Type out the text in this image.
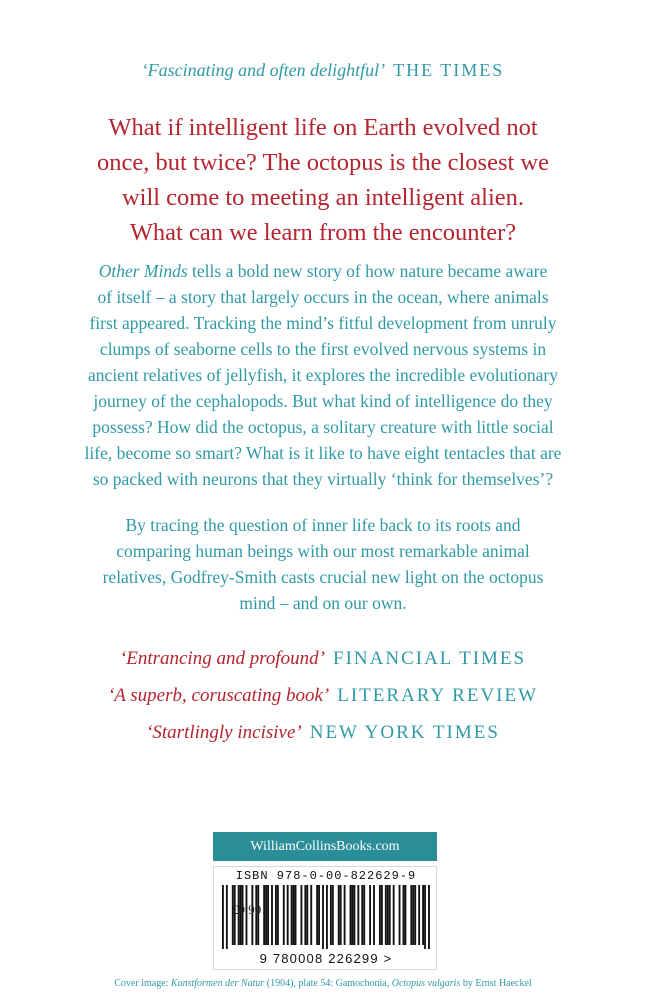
‘Fascinating and often delightful’ THE TIMES
What if intelligent life on Earth evolved not
once, but twice? The octopus is the closest we
will come to meeting an intelligent alien.
What can we learn from the encounter?
Other Minds tells a bold new story of how nature became aware
of itself – a story that largely occurs in the ocean, where animals
first appeared. Tracking the mind’s fitful development from unruly
clumps of seaborne cells to the first evolved nervous systems in
ancient relatives of jellyfish, it explores the incredible evolutionary
journey of the cephalopods. But what kind of intelligence do they
possess? How did the octopus, a solitary creature with little social
life, become so smart? What is it like to have eight tentacles that are
so packed with neurons that they virtually ‘think for themselves’?
By tracing the question of inner life back to its roots and
comparing human beings with our most remarkable animal
relatives, Godfrey-Smith casts crucial new light on the octopus
mind – and on our own.
‘Entrancing and profound’ FINANCIAL TIMES
‘A superb, coruscating book’ LITERARY REVIEW
‘Startlingly incisive’ NEW YORK TIMES
WilliamCollinsBooks.com
ISBN 978-0-00-822629-9
9 780008 226299 >
£9.99
Cover image: Kunstformen der Natur (1904), plate 54: Gamochonia, Octopus vulgaris by Ernst Haeckel
